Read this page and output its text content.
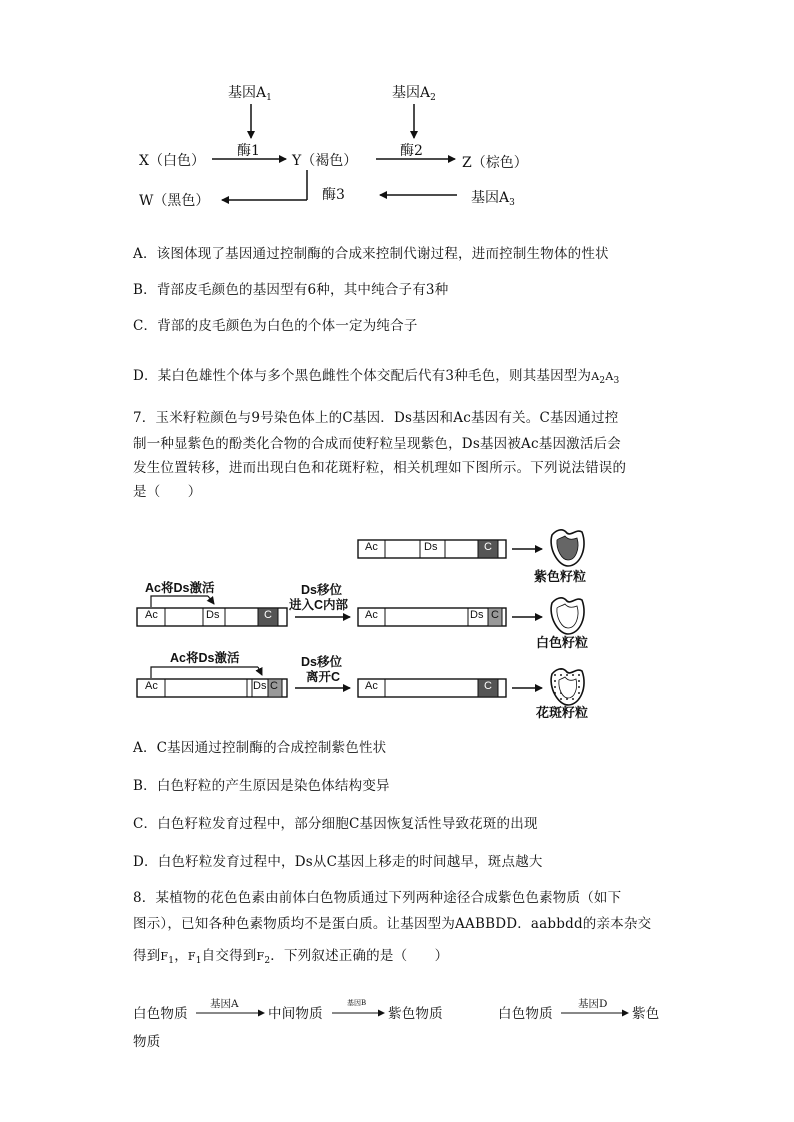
基因$A_1$	基因$A_2$
酶1	酶2
X（白色）	Y（褐色）	Z（棕色）
酶3
W（黑色）	基因$A_3$
A．该图体现了基因通过控制酶的合成来控制代谢过程，进而控制生物体的性状
B．背部皮毛颜色的基因型有6种，其中纯合子有3种
C．背部的皮毛颜色为白色的个体一定为纯合子
D．某白色雄性个体与多个黑色雌性个体交配后代有3种毛色，则其基因型为$A_2A_3$
7．玉米籽粒颜色与9号染色体上的C基因．Ds基因和Ac基因有关。C基因通过控
制一种显紫色的酚类化合物的合成而使籽粒呈现紫色，Ds基因被Ac基因激活后会
发生位置转移，进而出现白色和花斑籽粒，相关机理如下图所示。下列说法错误的
是（　　）
Ac	Ds	C
紫色籽粒
Ac将Ds激活
Ac	Ds	C
Ds移位
进入C内部
Ac	Ds C
白色籽粒
Ac将Ds激活
Ac	Ds C
Ds移位
离开C
Ac	C
花斑籽粒
A．C基因通过控制酶的合成控制紫色性状
B．白色籽粒的产生原因是染色体结构变异
C．白色籽粒发育过程中，部分细胞C基因恢复活性导致花斑的出现
D．白色籽粒发育过程中，Ds从C基因上移走的时间越早，斑点越大
8．某植物的花色色素由前体白色物质通过下列两种途径合成紫色色素物质（如下
图示），已知各种色素物质均不是蛋白质。让基因型为AABBDD．aabbdd的亲本杂交
得到$F_1$，$F_1$自交得到$F_2$．下列叙述正确的是（　　）
白色物质
基因A
中间物质
基因B
紫色物质	白色物质
基因D
紫色
物质
